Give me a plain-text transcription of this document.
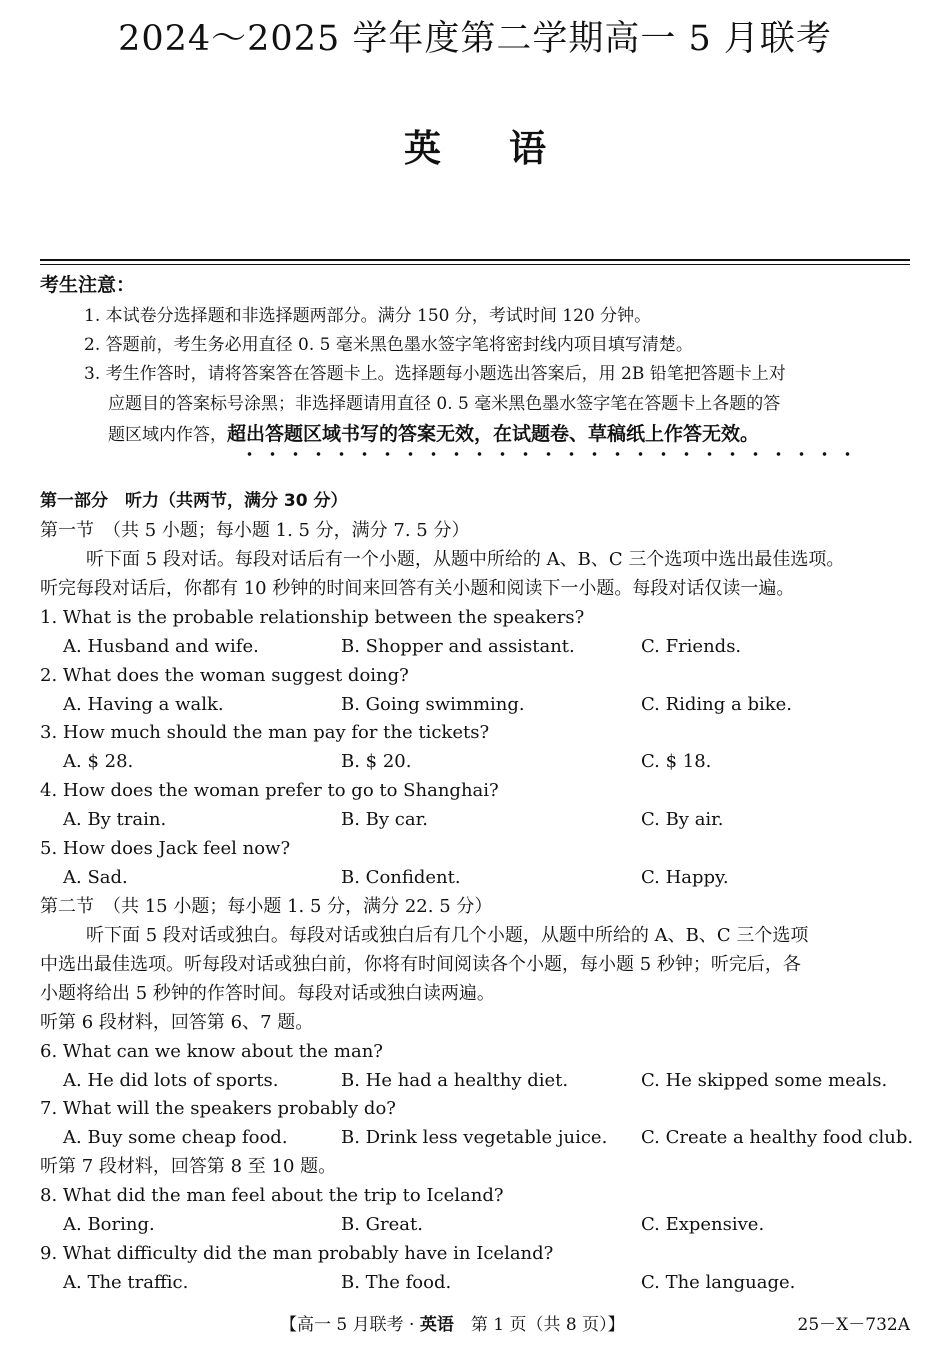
2024～2025 学年度第二学期高一 5 月联考
英语
考生注意：
1. 本试卷分选择题和非选择题两部分。满分 150 分，考试时间 120 分钟。
2. 答题前，考生务必用直径 0. 5 毫米黑色墨水签字笔将密封线内项目填写清楚。
3. 考生作答时，请将答案答在答题卡上。选择题每小题选出答案后，用 2B 铅笔把答题卡上对
应题目的答案标号涂黑；非选择题请用直径 0. 5 毫米黑色墨水签字笔在答题卡上各题的答
题区域内作答，超出答题区域书写的答案无效，在试题卷、草稿纸上作答无效。
第一部分　听力（共两节，满分 30 分）
第一节　（共 5 小题；每小题 1. 5 分，满分 7. 5 分）
听下面 5 段对话。每段对话后有一个小题，从题中所给的 A、B、C 三个选项中选出最佳选项。
听完每段对话后，你都有 10 秒钟的时间来回答有关小题和阅读下一小题。每段对话仅读一遍。
1. What is the probable relationship between the speakers?
A. Husband and wife.	B. Shopper and assistant.	C. Friends.
2. What does the woman suggest doing?
A. Having a walk.	B. Going swimming.	C. Riding a bike.
3. How much should the man pay for the tickets?
A. $ 28.	B. $ 20.	C. $ 18.
4. How does the woman prefer to go to Shanghai?
A. By train.	B. By car.	C. By air.
5. How does Jack feel now?
A. Sad.	B. Confident.	C. Happy.
第二节　（共 15 小题；每小题 1. 5 分，满分 22. 5 分）
听下面 5 段对话或独白。每段对话或独白后有几个小题，从题中所给的 A、B、C 三个选项
中选出最佳选项。听每段对话或独白前，你将有时间阅读各个小题，每小题 5 秒钟；听完后，各
小题将给出 5 秒钟的作答时间。每段对话或独白读两遍。
听第 6 段材料，回答第 6、7 题。
6. What can we know about the man?
A. He did lots of sports.	B. He had a healthy diet.	C. He skipped some meals.
7. What will the speakers probably do?
A. Buy some cheap food.	B. Drink less vegetable juice. C. Create a healthy food club.
听第 7 段材料，回答第 8 至 10 题。
8. What did the man feel about the trip to Iceland?
A. Boring.	B. Great.	C. Expensive.
9. What difficulty did the man probably have in Iceland?
A. The traffic.	B. The food.	C. The language.
【高一 5 月联考 · 英语　第 1 页（共 8 页）】	25－X－732A
